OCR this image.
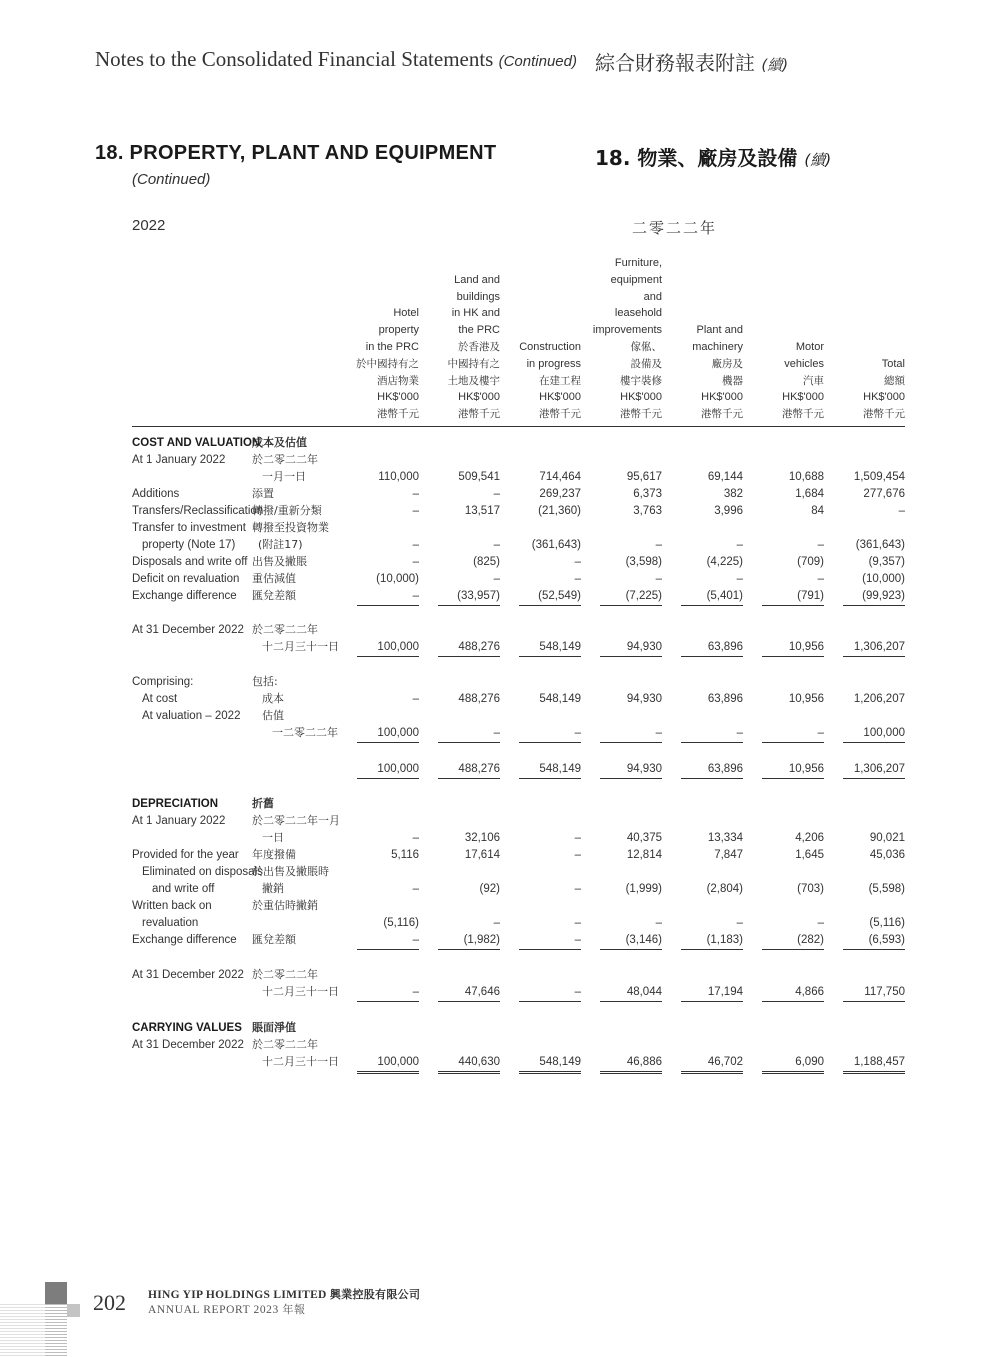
Notes to the Consolidated Financial Statements (Continued) 綜合財務報表附註 (續)
18. PROPERTY, PLANT AND EQUIPMENT
(Continued)
18. 物業、廠房及設備 (續)
2022	二零二二年
Hotel
property
in the PRC
於中國持有之
酒店物業
HK$'000
港幣千元
Land and
buildings
in HK and
the PRC
於香港及
中國持有之
土地及樓宇
HK$'000
港幣千元
Construction
in progress
在建工程
HK$'000
港幣千元
Furniture,
equipment
and
leasehold
improvements
傢俬、
設備及
樓宇裝修
HK$'000
港幣千元
Plant and
machinery
廠房及
機器
HK$'000
港幣千元
Motor
vehicles
汽車
HK$'000
港幣千元
Total
總額
HK$'000
港幣千元
COST AND VALUATION
成本及估值
At 1 January 2022 於二零二二年
一月一日	110,000	509,541	714,464	95,617	69,144	10,688	1,509,454
Additions	添置	–	–	269,237	6,373	382	1,684	277,676
Transfers/Reclassification
轉撥/重新分類	–	13,517	(21,360)	3,763	3,996	84	–
Transfer to investment
property (Note 17)
轉撥至投資物業
(附註17)	–	–	(361,643)	–	–	–	(361,643)
Disposals and write off 出售及撇賬	–	(825)	–	(3,598)	(4,225)	(709)	(9,357)
Deficit on revaluation 重估減值	(10,000)	–	–	–	–	–	(10,000)
Exchange difference 匯兌差額	–	(33,957)	(52,549)	(7,225)	(5,401)	(791)	(99,923)
At 31 December 2022 於二零二二年
十二月三十一日	100,000	488,276	548,149	94,930	63,896	10,956	1,306,207
Comprising:	包括:
At cost	成本	–	488,276	548,149	94,930	63,896	10,956	1,206,207
At valuation – 2022 估值
一二零二二年	100,000	–	–	–	–	–	100,000
100,000	488,276	548,149	94,930	63,896	10,956	1,306,207
DEPRECIATION	折舊
At 1 January 2022 於二零二二年一月
一日	–	32,106	–	40,375	13,334	4,206	90,021
Provided for the year 年度撥備	5,116	17,614	–	12,814	7,847	1,645	45,036
Eliminated on disposals
and write off
於出售及撇賬時
撇銷	–	(92)	–	(1,999)	(2,804)	(703)	(5,598)
Written back on
revaluation
於重估時撇銷
(5,116)	–	–	–	–	–	(5,116)
Exchange difference 匯兌差額	–	(1,982)	–	(3,146)	(1,183)	(282)	(6,593)
At 31 December 2022 於二零二二年
十二月三十一日	–	47,646	–	48,044	17,194	4,866	117,750
CARRYING VALUES 賬面淨值
At 31 December 2022 於二零二二年
十二月三十一日	100,000	440,630	548,149	46,886	46,702	6,090	1,188,457
202 HING YIP HOLDINGS LIMITED 興業控股有限公司
ANNUAL REPORT 2023 年報
